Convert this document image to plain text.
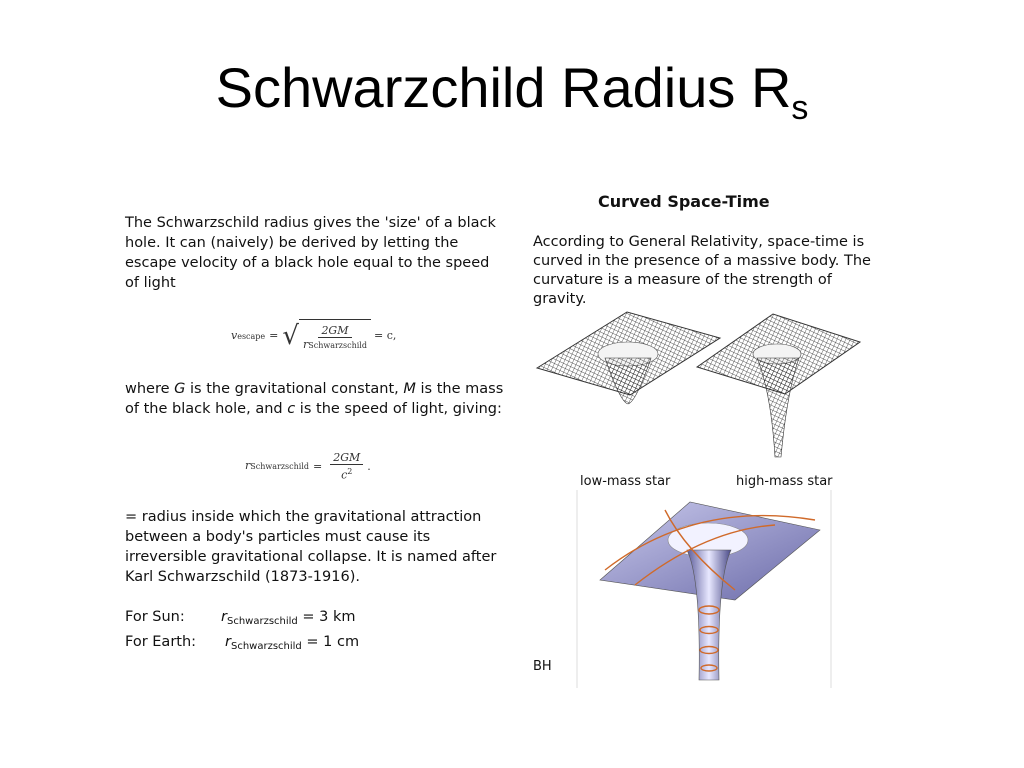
Schwarzchild Radius $R_s$

The Schwarzschild radius gives the 'size' of a black hole. It can (naively) be derived by letting the escape velocity of a black hole equal to the speed of light

vescape = √ $\frac{2GM}{\text{rSchwarzschild}} = c$,

where G is the gravitational constant, M is the mass of the black hole, and c is the speed of light, giving:

rSchwarzschild = $\frac{2GM}{c^2}$ .

= radius inside which the gravitational attraction between a body's particles must cause its irreversible gravitational collapse. It is named after Karl Schwarzschild (1873-1916).

For Sun:	$r_{Schwarzschild} = 3$ km
For Earth:	$r_{Schwarzschild} = 1$ cm
Curved Space-Time
According to General Relativity, space-time is curved in the presence of a massive body. The curvature is a measure of the strength of gravity.
low-mass star	high-mass star
BH
